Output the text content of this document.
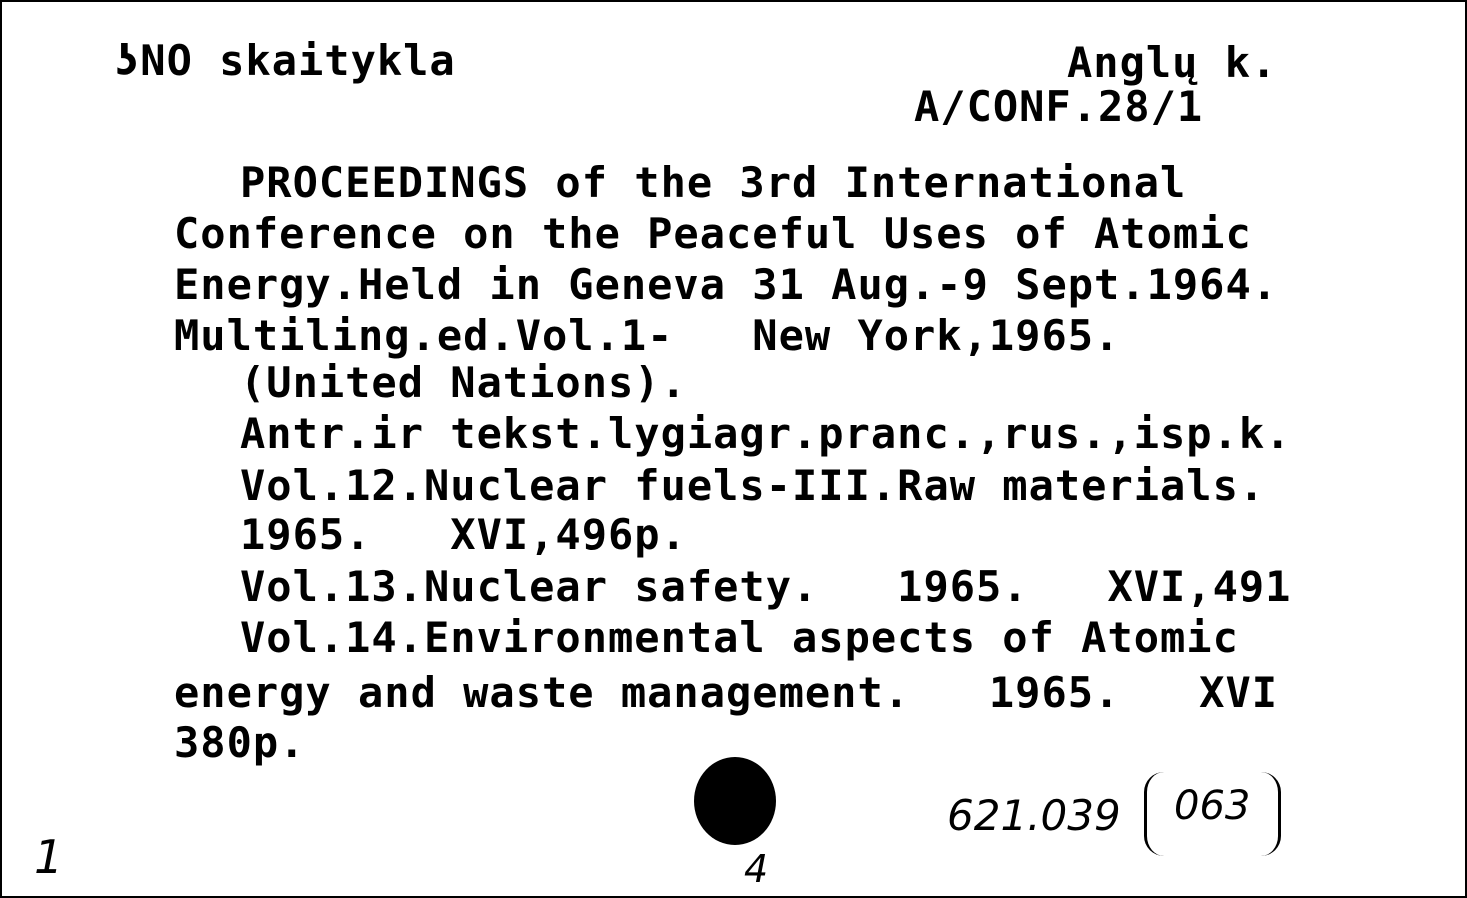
ʖNO skaitykla	Anglų k.
A/CONF.28/1
PROCEEDINGS of the 3rd International
Conference on the Peaceful Uses of Atomic
Energy.Held in Geneva 31 Aug.-9 Sept.1964.
Multiling.ed.Vol.1-   New York,1965.
(United Nations).
Antr.ir tekst.lygiagr.pranc.,rus.,isp.k.
Vol.12.Nuclear fuels-III.Raw materials.
1965.   XVI,496p.
Vol.13.Nuclear safety.   1965.   XVI,491
Vol.14.Environmental aspects of Atomic
energy and waste management.   1965.   XVI
380p.
621.039 063
1	4
